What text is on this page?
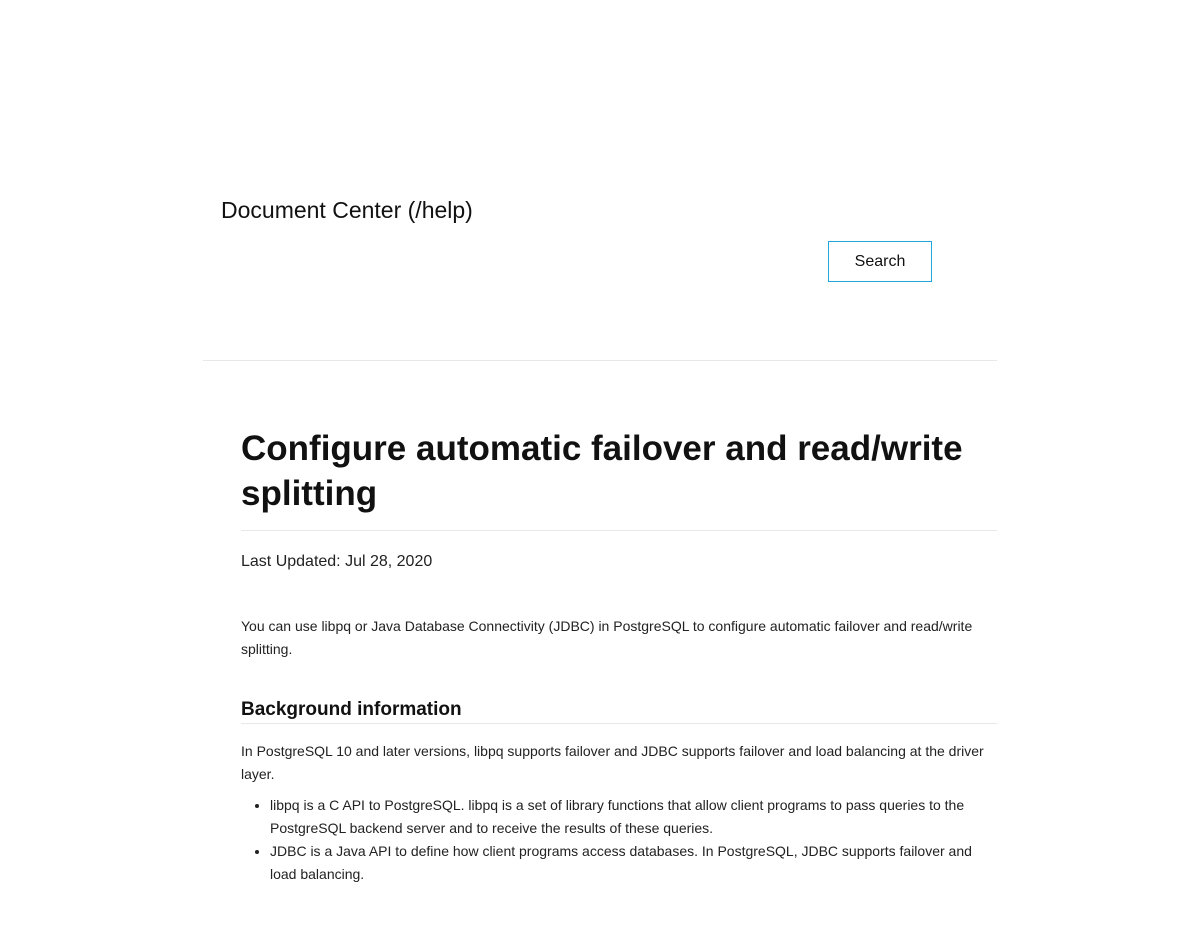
Document Center (/help)
Search
Configure automatic failover and read/write splitting

Last Updated: Jul 28, 2020

You can use libpq or Java Database Connectivity (JDBC) in PostgreSQL to configure automatic failover and read/write splitting.

Background information

In PostgreSQL 10 and later versions, libpq supports failover and JDBC supports failover and load balancing at the driver layer.

• libpq is a C API to PostgreSQL. libpq is a set of library functions that allow client programs to pass queries to the PostgreSQL backend server and to receive the results of these queries.
• JDBC is a Java API to define how client programs access databases. In PostgreSQL, JDBC supports failover and load balancing.
